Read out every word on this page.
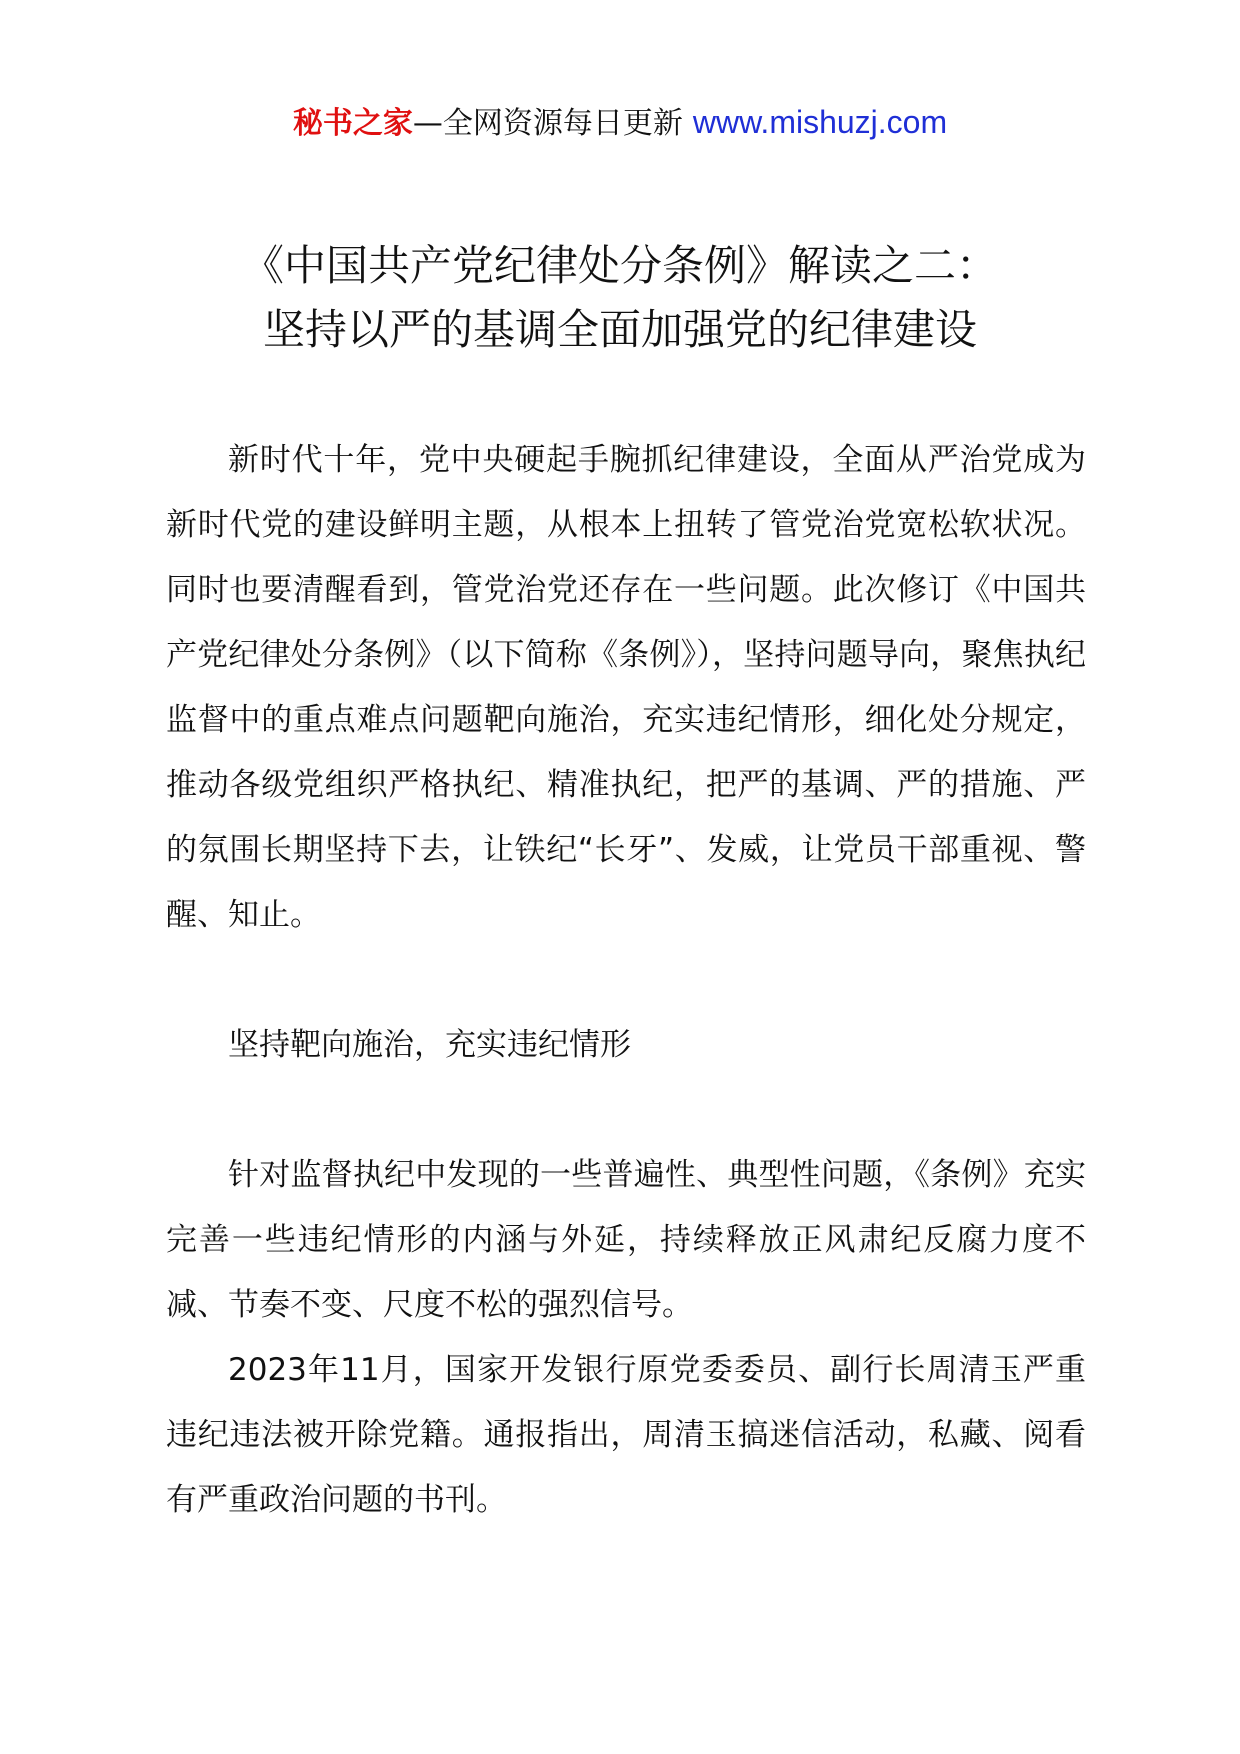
秘书之家—全网资源每日更新 www.mishuzj.com
《中国共产党纪律处分条例》解读之二：
坚持以严的基调全面加强党的纪律建设

新时代十年，党中央硬起手腕抓纪律建设，全面从严治党成为新时代党的建设鲜明主题，从根本上扭转了管党治党宽松软状况。同时也要清醒看到，管党治党还存在一些问题。此次修订《中国共产党纪律处分条例》（以下简称《条例》），坚持问题导向，聚焦执纪监督中的重点难点问题靶向施治，充实违纪情形，细化处分规定，推动各级党组织严格执纪、精准执纪，把严的基调、严的措施、严的氛围长期坚持下去，让铁纪“长牙”、发威，让党员干部重视、警醒、知止。

坚持靶向施治，充实违纪情形

针对监督执纪中发现的一些普遍性、典型性问题，《条例》充实完善一些违纪情形的内涵与外延，持续释放正风肃纪反腐力度不减、节奏不变、尺度不松的强烈信号。

2023年11月，国家开发银行原党委委员、副行长周清玉严重违纪违法被开除党籍。通报指出，周清玉搞迷信活动，私藏、阅看有严重政治问题的书刊。
